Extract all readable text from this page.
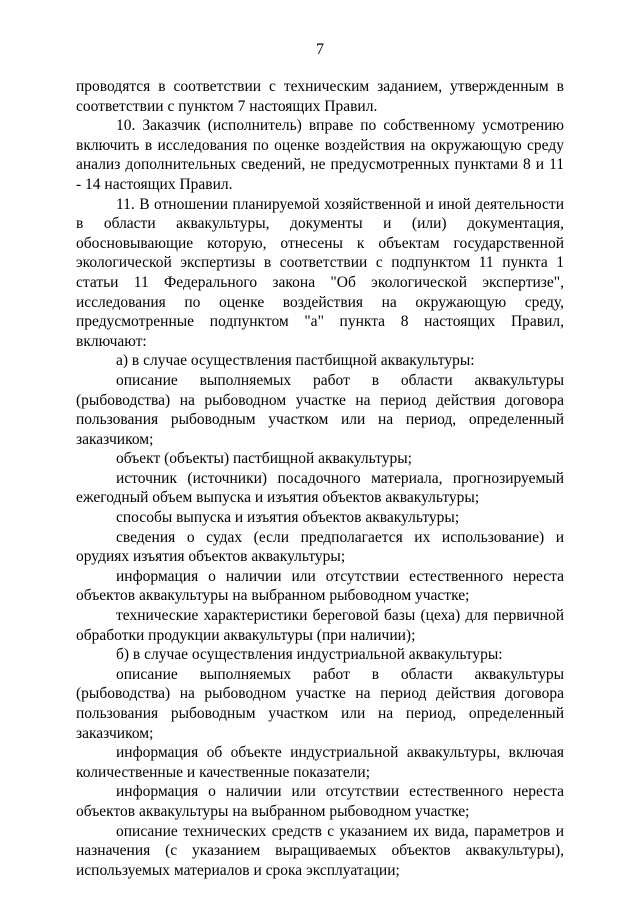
7

проводятся в соответствии с техническим заданием, утвержденным в соответствии с пунктом 7 настоящих Правил.

10. Заказчик (исполнитель) вправе по собственному усмотрению включить в исследования по оценке воздействия на окружающую среду анализ дополнительных сведений, не предусмотренных пунктами 8 и 11 - 14 настоящих Правил.

11. В отношении планируемой хозяйственной и иной деятельности в области аквакультуры, документы и (или) документация, обосновывающие которую, отнесены к объектам государственной экологической экспертизы в соответствии с подпунктом 11 пункта 1 статьи 11 Федерального закона "Об экологической экспертизе", исследования по оценке воздействия на окружающую среду, предусмотренные подпунктом "а" пункта 8 настоящих Правил, включают:

а) в случае осуществления пастбищной аквакультуры:

описание выполняемых работ в области аквакультуры (рыбоводства) на рыбоводном участке на период действия договора пользования рыбоводным участком или на период, определенный заказчиком;

объект (объекты) пастбищной аквакультуры;

источник (источники) посадочного материала, прогнозируемый ежегодный объем выпуска и изъятия объектов аквакультуры;

способы выпуска и изъятия объектов аквакультуры;

сведения о судах (если предполагается их использование) и орудиях изъятия объектов аквакультуры;

информация о наличии или отсутствии естественного нереста объектов аквакультуры на выбранном рыбоводном участке;

технические характеристики береговой базы (цеха) для первичной обработки продукции аквакультуры (при наличии);

б) в случае осуществления индустриальной аквакультуры:

описание выполняемых работ в области аквакультуры (рыбоводства) на рыбоводном участке на период действия договора пользования рыбоводным участком или на период, определенный заказчиком;

информация об объекте индустриальной аквакультуры, включая количественные и качественные показатели;

информация о наличии или отсутствии естественного нереста объектов аквакультуры на выбранном рыбоводном участке;

описание технических средств с указанием их вида, параметров и назначения (с указанием выращиваемых объектов аквакультуры), используемых материалов и срока эксплуатации;
